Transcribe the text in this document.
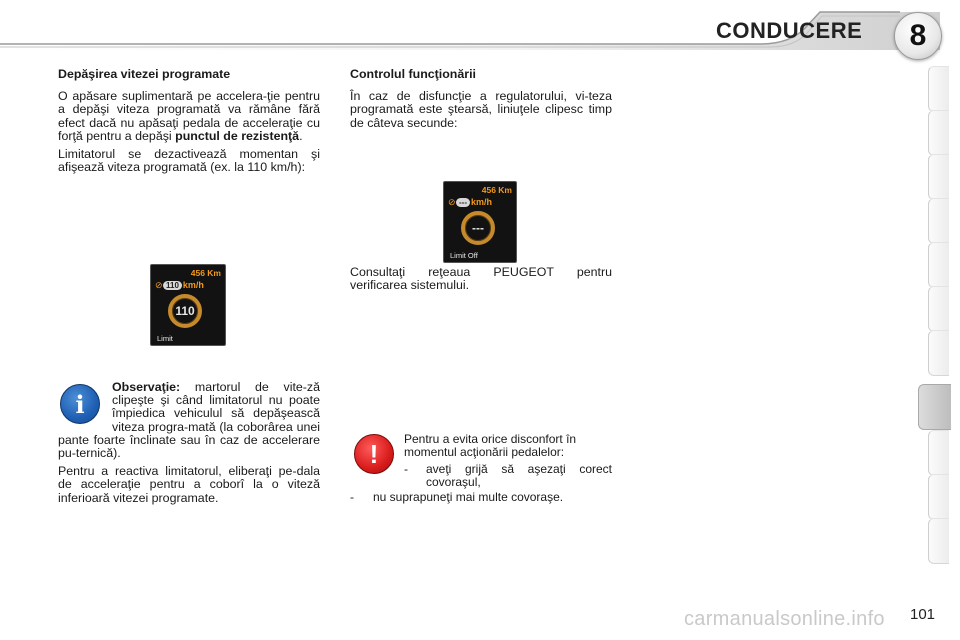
CONDUCERE 8

Depăşirea vitezei programate

O apăsare suplimentară pe accelera-ţie pentru a depăşi viteza programată va rămâne fără efect dacă nu apăsaţi pedala de acceleraţie cu forţă pentru a depăşi punctul de rezistenţă.

Limitatorul se dezactivează momentan şi afişează viteza programată (ex. la 110 km/h):

456 Km
⊘ 110 km/h
110
Limit
i

Observaţie: martorul de vite-ză clipeşte şi când limitatorul nu poate împiedica vehiculul să depăşească viteza progra-mată (la coborârea unei pante foarte înclinate sau în caz de accelerare pu-ternică).

Pentru a reactiva limitatorul, eliberaţi pe-dala de acceleraţie pentru a coborî la o viteză inferioară vitezei programate.

Controlul funcţionării

În caz de disfuncţie a regulatorului, vi-teza programată este ştearsă, liniuţele clipesc timp de câteva secunde:

Consultaţi reţeaua PEUGEOT pentru verificarea sistemului.

456 Km
⊘ --- km/h
---
Limit Off
!	Pentru a evita orice disconfort în momentul acţionării pedalelor:

-	aveţi grijă să aşezaţi corect covoraşul,
-	nu suprapuneţi mai multe covoraşe.
carmanualsonline.info 101
